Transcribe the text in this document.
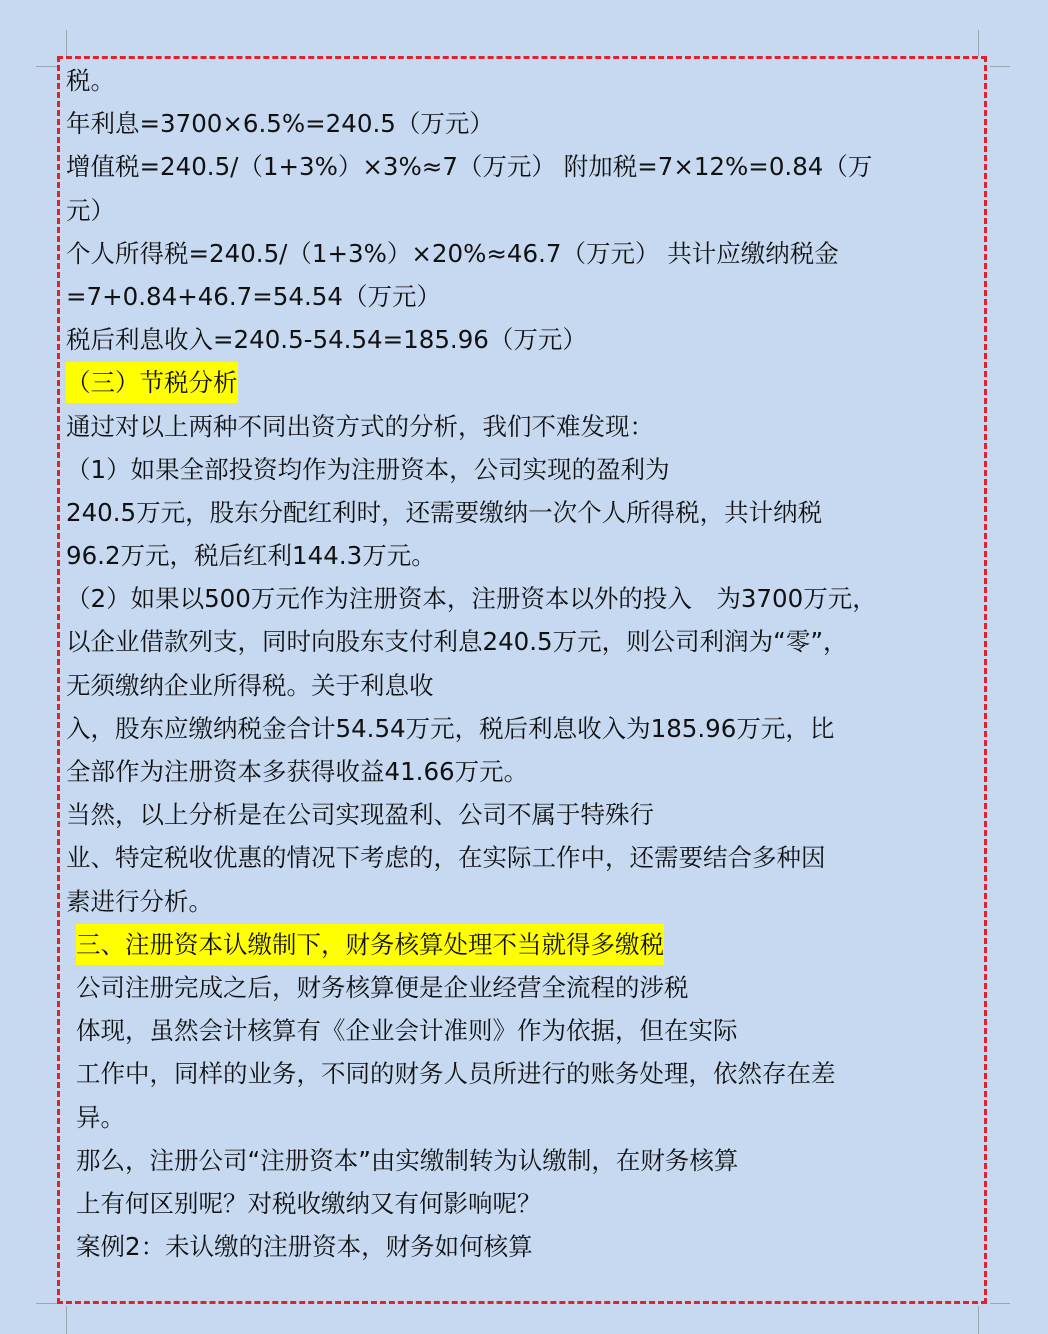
税。
年利息=3700×6.5%=240.5（万元）
增值税=240.5/（1+3%）×3%≈7（万元） 附加税=7×12%=0.84（万
元）
个人所得税=240.5/（1+3%）×20%≈46.7（万元） 共计应缴纳税金
=7+0.84+46.7=54.54（万元）
税后利息收入=240.5-54.54=185.96（万元）
（三）节税分析
通过对以上两种不同出资方式的分析，我们不难发现：
（1）如果全部投资均作为注册资本，公司实现的盈利为
240.5万元，股东分配红利时，还需要缴纳一次个人所得税，共计纳税
96.2万元，税后红利144.3万元。
（2）如果以500万元作为注册资本，注册资本以外的投入　为3700万元，
以企业借款列支，同时向股东支付利息240.5万元，则公司利润为“零”，
无须缴纳企业所得税。关于利息收
入，股东应缴纳税金合计54.54万元，税后利息收入为185.96万元，比
全部作为注册资本多获得收益41.66万元。
当然，以上分析是在公司实现盈利、公司不属于特殊行
业、特定税收优惠的情况下考虑的，在实际工作中，还需要结合多种因
素进行分析。
三、注册资本认缴制下，财务核算处理不当就得多缴税
公司注册完成之后，财务核算便是企业经营全流程的涉税
体现，虽然会计核算有《企业会计准则》作为依据，但在实际
工作中，同样的业务，不同的财务人员所进行的账务处理，依然存在差
异。
那么，注册公司“注册资本”由实缴制转为认缴制，在财务核算
上有何区别呢？对税收缴纳又有何影响呢？
案例2：未认缴的注册资本，财务如何核算
